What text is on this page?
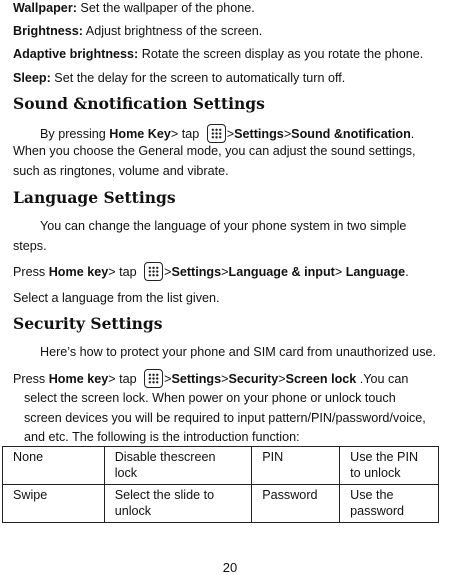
Wallpaper: Set the wallpaper of the phone.
Brightness: Adjust brightness of the screen.
Adaptive brightness: Rotate the screen display as you rotate the phone.
Sleep: Set the delay for the screen to automatically turn off.
Sound &notification Settings
By pressing Home Key> tap >Settings>Sound &notification.
When you choose the General mode, you can adjust the sound settings,
such as ringtones, volume and vibrate.
Language Settings
You can change the language of your phone system in two simple
steps.
Press Home key> tap >Settings>Language & input> Language.
Select a language from the list given.
Security Settings
Here’s how to protect your phone and SIM card from unauthorized use.
Press Home key> tap >Settings>Security>Screen lock .You can
select the screen lock. When power on your phone or unlock touch
screen devices you will be required to input pattern/PIN/password/voice,
and etc. The following is the introduction function:
None	Disable thescreen lock	PIN	Use the PIN to unlock
Swipe	Select the slide to unlock	Password	Use the password
20
